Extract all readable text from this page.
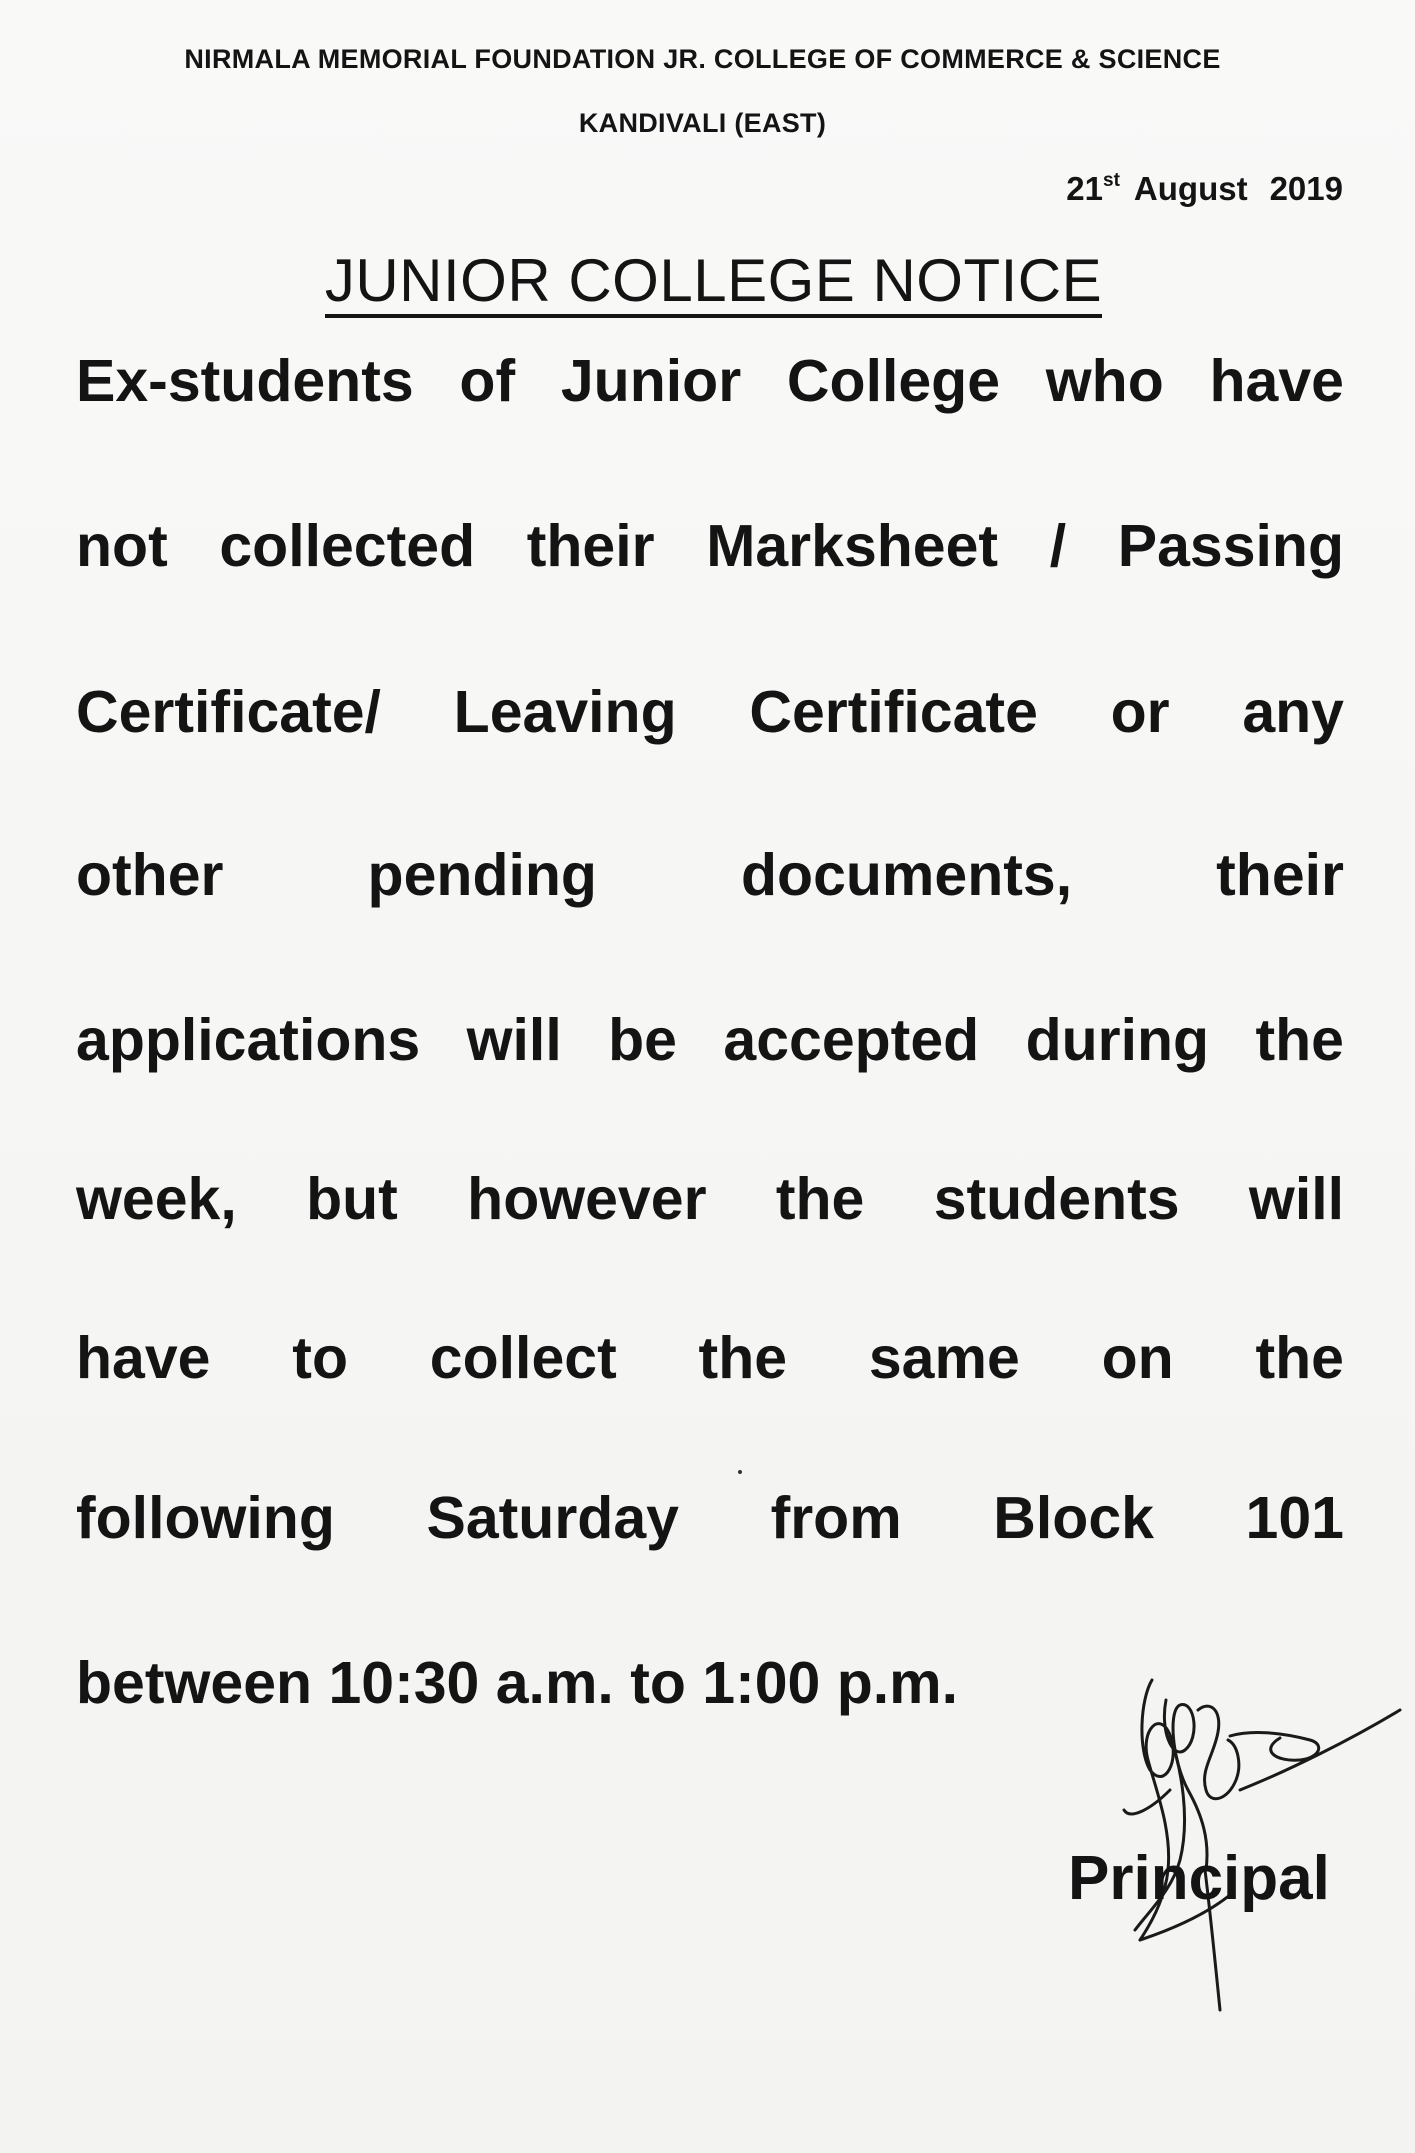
NIRMALA MEMORIAL FOUNDATION JR. COLLEGE OF COMMERCE & SCIENCE
KANDIVALI (EAST)
21st August 2019
JUNIOR COLLEGE NOTICE
Ex-students of Junior College who have
not collected their Marksheet / Passing
Certificate/ Leaving Certificate or any
other pending documents, their
applications will be accepted during the
week, but however the students will
have to collect the same on the
following Saturday from Block 101
between 10:30 a.m. to 1:00 p.m.
Principal
